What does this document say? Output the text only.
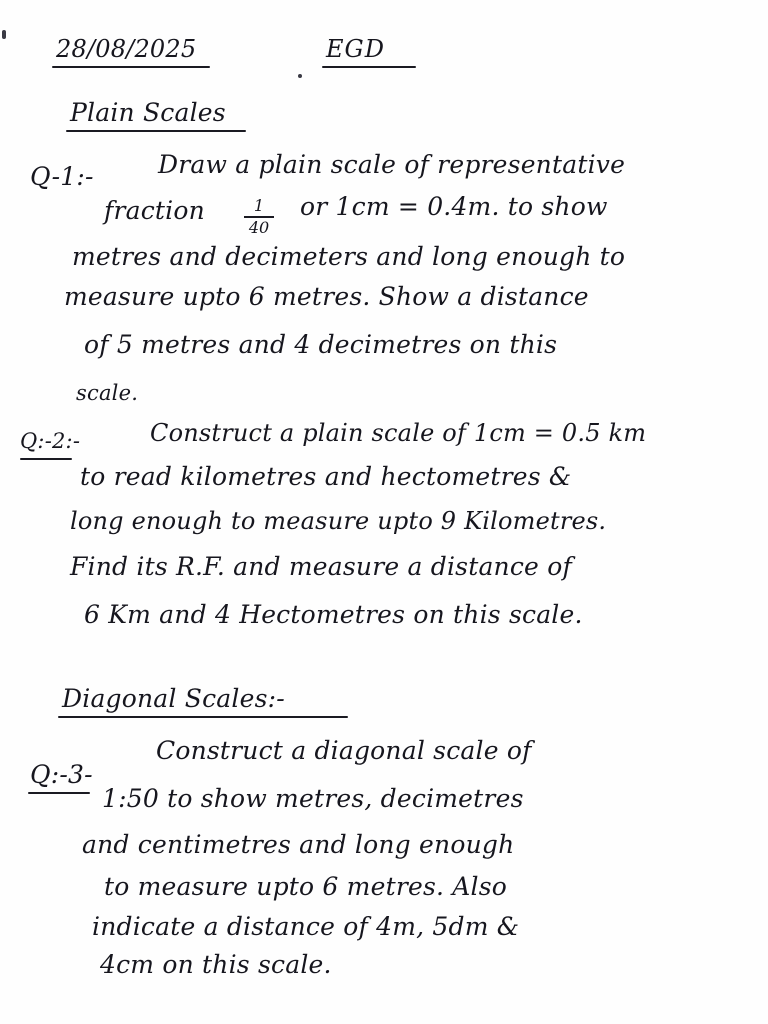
28/08/2025	EGD
Plain Scales
Q-1:-	Draw a plain scale of representative
fraction	1
40
or 1cm = 0.4m. to show
metres and decimeters and long enough to
measure upto 6 metres. Show a distance
of 5 metres and 4 decimetres on this
scale.
Q:-2:-	Construct a plain scale of 1cm = 0.5 km
to read kilometres and hectometres &
long enough to measure upto 9 Kilometres.
Find its R.F. and measure a distance of
6 Km and 4 Hectometres on this scale.
Diagonal Scales:-
Q:-3-
Construct a diagonal scale of
1:50 to show metres, decimetres
and centimetres and long enough
to measure upto 6 metres. Also
indicate a distance of 4m, 5dm &
4cm on this scale.
